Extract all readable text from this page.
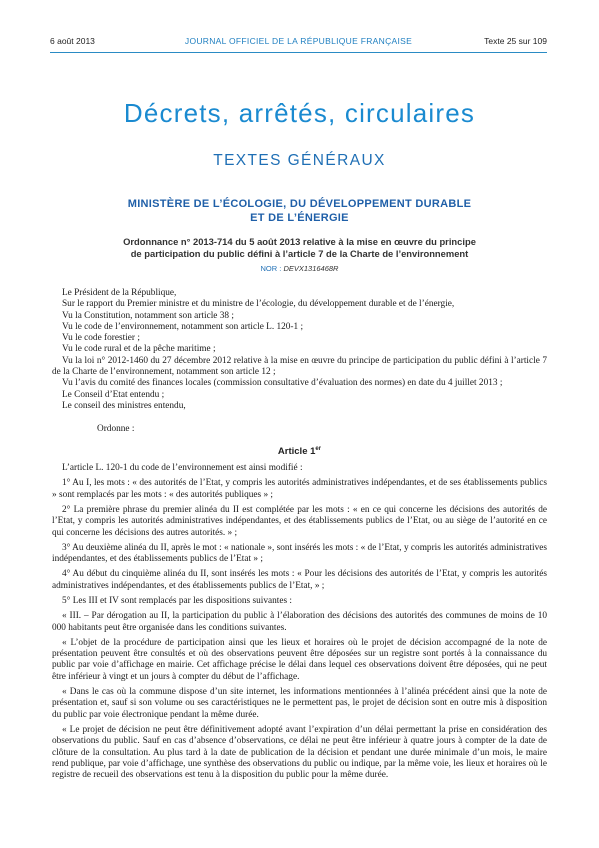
6 août 2013	JOURNAL OFFICIEL DE LA RÉPUBLIQUE FRANÇAISE	Texte 25 sur 109
Décrets, arrêtés, circulaires
TEXTES GÉNÉRAUX
MINISTÈRE DE L’ÉCOLOGIE, DU DÉVELOPPEMENT DURABLE
ET DE L’ÉNERGIE
Ordonnance n° 2013-714 du 5 août 2013 relative à la mise en œuvre du principe
de participation du public défini à l’article 7 de la Charte de l’environnement
NOR : DEVX1316468R

Le Président de la République,

Sur le rapport du Premier ministre et du ministre de l’écologie, du développement durable et de l’énergie,

Vu la Constitution, notamment son article 38 ;

Vu le code de l’environnement, notamment son article L. 120-1 ;

Vu le code forestier ;

Vu le code rural et de la pêche maritime ;

Vu la loi n° 2012-1460 du 27 décembre 2012 relative à la mise en œuvre du principe de participation du public défini à l’article 7 de la Charte de l’environnement, notamment son article 12 ;

Vu l’avis du comité des finances locales (commission consultative d’évaluation des normes) en date du 4 juillet 2013 ;

Le Conseil d’Etat entendu ;

Le conseil des ministres entendu,

Ordonne :

Article 1er

L’article L. 120-1 du code de l’environnement est ainsi modifié :

1° Au I, les mots : « des autorités de l’Etat, y compris les autorités administratives indépendantes, et de ses établissements publics » sont remplacés par les mots : « des autorités publiques » ;

2° La première phrase du premier alinéa du II est complétée par les mots : « en ce qui concerne les décisions des autorités de l’Etat, y compris les autorités administratives indépendantes, et des établissements publics de l’Etat, ou au siège de l’autorité en ce qui concerne les décisions des autres autorités. » ;

3° Au deuxième alinéa du II, après le mot : « nationale », sont insérés les mots : « de l’Etat, y compris les autorités administratives indépendantes, et des établissements publics de l’Etat » ;

4° Au début du cinquième alinéa du II, sont insérés les mots : « Pour les décisions des autorités de l’Etat, y compris les autorités administratives indépendantes, et des établissements publics de l’Etat, » ;

5° Les III et IV sont remplacés par les dispositions suivantes :

« III. – Par dérogation au II, la participation du public à l’élaboration des décisions des autorités des communes de moins de 10 000 habitants peut être organisée dans les conditions suivantes.

« L’objet de la procédure de participation ainsi que les lieux et horaires où le projet de décision accompagné de la note de présentation peuvent être consultés et où des observations peuvent être déposées sur un registre sont portés à la connaissance du public par voie d’affichage en mairie. Cet affichage précise le délai dans lequel ces observations doivent être déposées, qui ne peut être inférieur à vingt et un jours à compter du début de l’affichage.

« Dans le cas où la commune dispose d’un site internet, les informations mentionnées à l’alinéa précédent ainsi que la note de présentation et, sauf si son volume ou ses caractéristiques ne le permettent pas, le projet de décision sont en outre mis à disposition du public par voie électronique pendant la même durée.

« Le projet de décision ne peut être définitivement adopté avant l’expiration d’un délai permettant la prise en considération des observations du public. Sauf en cas d’absence d’observations, ce délai ne peut être inférieur à quatre jours à compter de la date de clôture de la consultation. Au plus tard à la date de publication de la décision et pendant une durée minimale d’un mois, le maire rend publique, par voie d’affichage, une synthèse des observations du public ou indique, par la même voie, les lieux et horaires où le registre de recueil des observations est tenu à la disposition du public pour la même durée.
